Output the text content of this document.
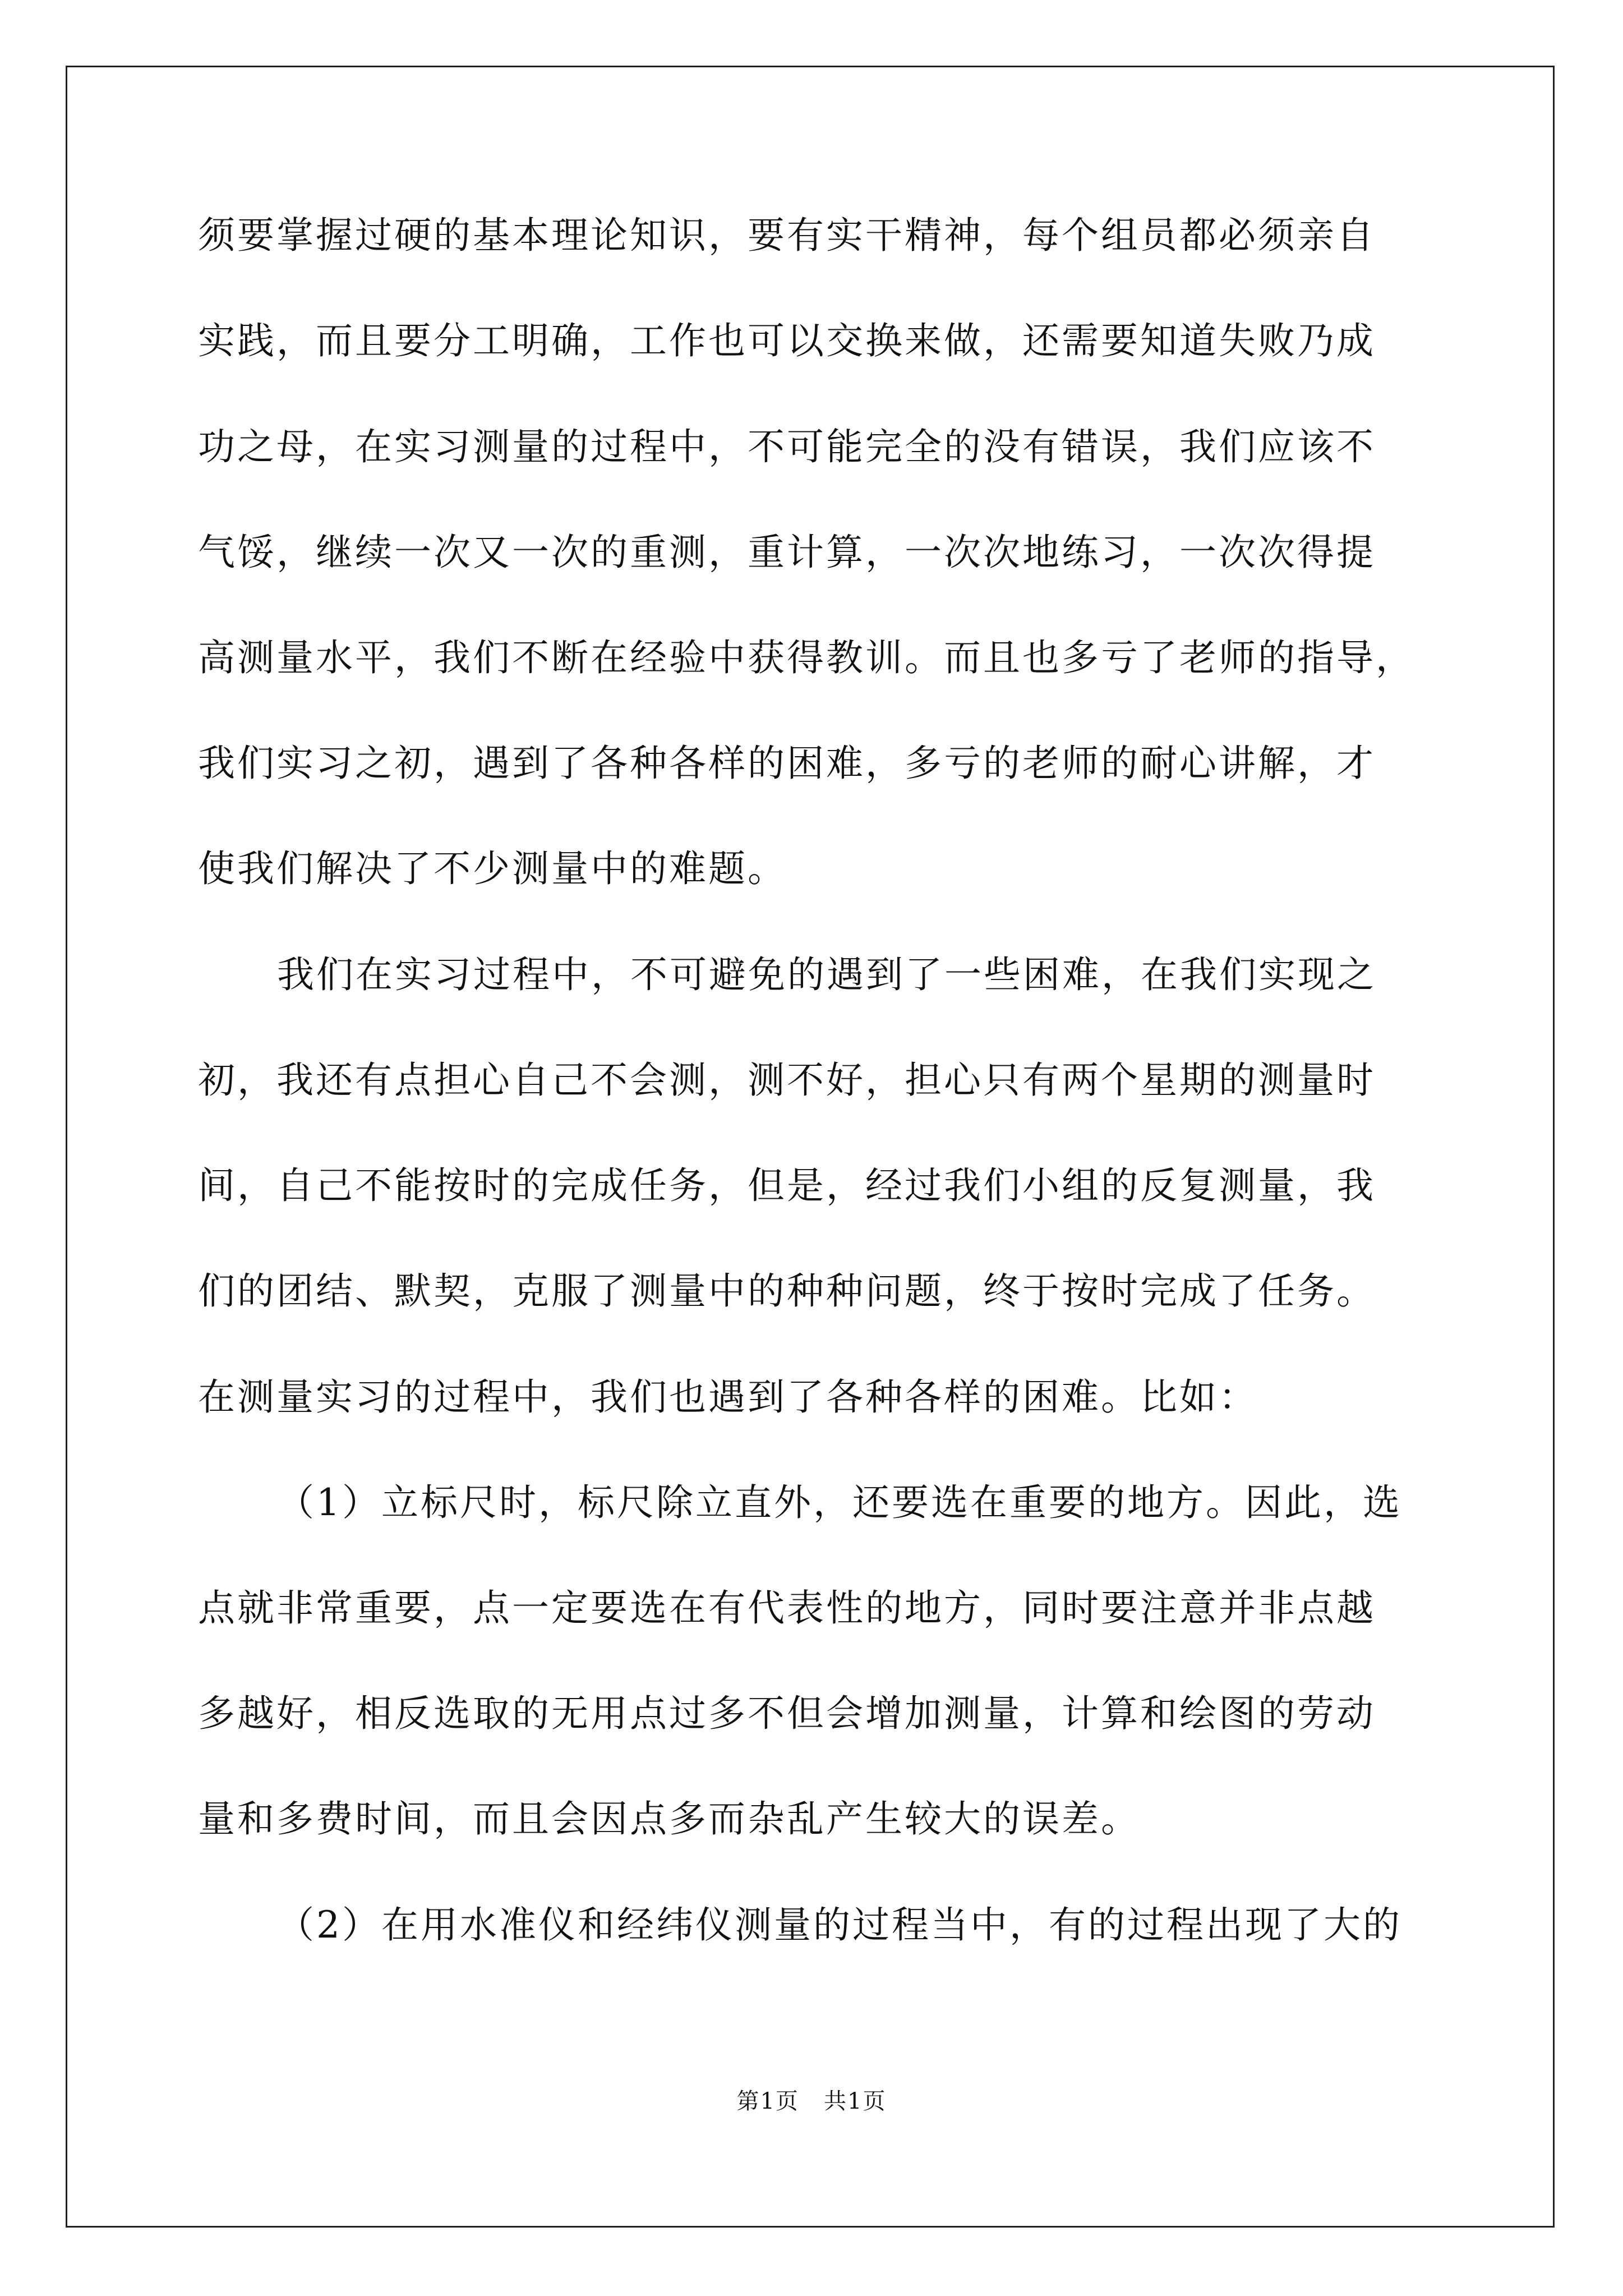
须要掌握过硬的基本理论知识，要有实干精神，每个组员都必须亲自

实践，而且要分工明确，工作也可以交换来做，还需要知道失败乃成

功之母，在实习测量的过程中，不可能完全的没有错误，我们应该不

气馁，继续一次又一次的重测，重计算，一次次地练习，一次次得提

高测量水平，我们不断在经验中获得教训。而且也多亏了老师的指导，

我们实习之初，遇到了各种各样的困难，多亏的老师的耐心讲解，才

使我们解决了不少测量中的难题。

我们在实习过程中，不可避免的遇到了一些困难，在我们实现之

初，我还有点担心自己不会测，测不好，担心只有两个星期的测量时

间，自己不能按时的完成任务，但是，经过我们小组的反复测量，我

们的团结、默契，克服了测量中的种种问题，终于按时完成了任务。

在测量实习的过程中，我们也遇到了各种各样的困难。比如：

（1）立标尺时，标尺除立直外，还要选在重要的地方。因此，选

点就非常重要，点一定要选在有代表性的地方，同时要注意并非点越

多越好，相反选取的无用点过多不但会增加测量，计算和绘图的劳动

量和多费时间，而且会因点多而杂乱产生较大的误差。

（2）在用水准仪和经纬仪测量的过程当中，有的过程出现了大的

第1页   共1页
